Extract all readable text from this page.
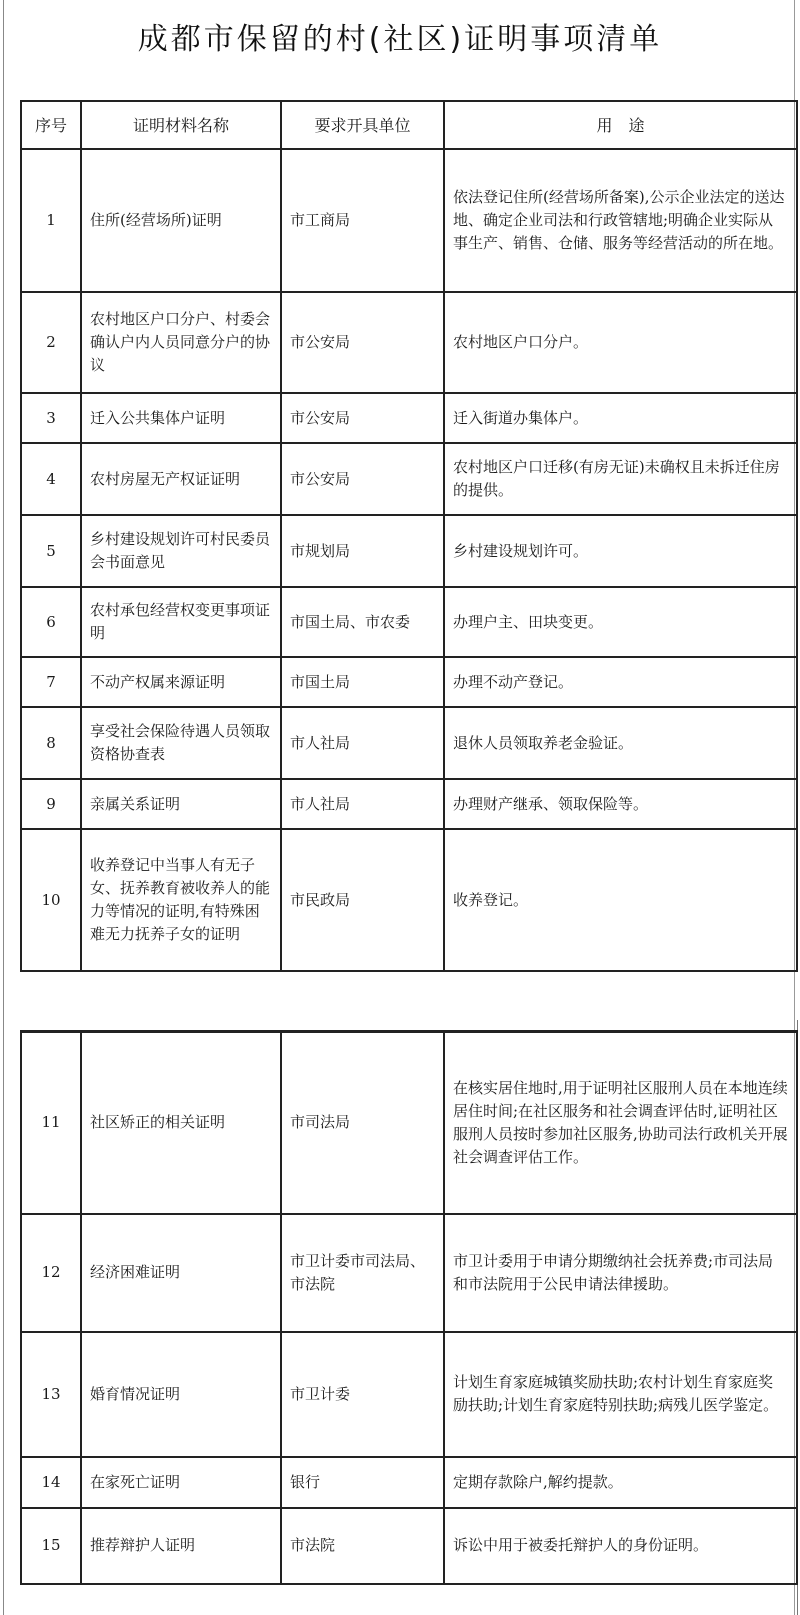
成都市保留的村(社区)证明事项清单
序号	证明材料名称	要求开具单位	用　途
1	住所(经营场所)证明	市工商局	依法登记住所(经营场所备案),公示企业法定的送达地、确定企业司法和行政管辖地;明确企业实际从事生产、销售、仓储、服务等经营活动的所在地。
2	农村地区户口分户、村委会确认户内人员同意分户的协议	市公安局	农村地区户口分户。
3	迁入公共集体户证明	市公安局	迁入街道办集体户。
4	农村房屋无产权证证明	市公安局	农村地区户口迁移(有房无证)未确权且未拆迁住房的提供。
5	乡村建设规划许可村民委员会书面意见	市规划局	乡村建设规划许可。
6	农村承包经营权变更事项证明	市国土局、市农委	办理户主、田块变更。
7	不动产权属来源证明	市国土局	办理不动产登记。
8	享受社会保险待遇人员领取资格协查表	市人社局	退休人员领取养老金验证。
9	亲属关系证明	市人社局	办理财产继承、领取保险等。
10	收养登记中当事人有无子女、抚养教育被收养人的能力等情况的证明,有特殊困难无力抚养子女的证明	市民政局	收养登记。
11	社区矫正的相关证明	市司法局	在核实居住地时,用于证明社区服刑人员在本地连续居住时间;在社区服务和社会调查评估时,证明社区服刑人员按时参加社区服务,协助司法行政机关开展社会调查评估工作。
12	经济困难证明	市卫计委市司法局、市法院	市卫计委用于申请分期缴纳社会抚养费;市司法局和市法院用于公民申请法律援助。
13	婚育情况证明	市卫计委	计划生育家庭城镇奖励扶助;农村计划生育家庭奖励扶助;计划生育家庭特别扶助;病残儿医学鉴定。
14	在家死亡证明	银行	定期存款除户,解约提款。
15	推荐辩护人证明	市法院	诉讼中用于被委托辩护人的身份证明。
